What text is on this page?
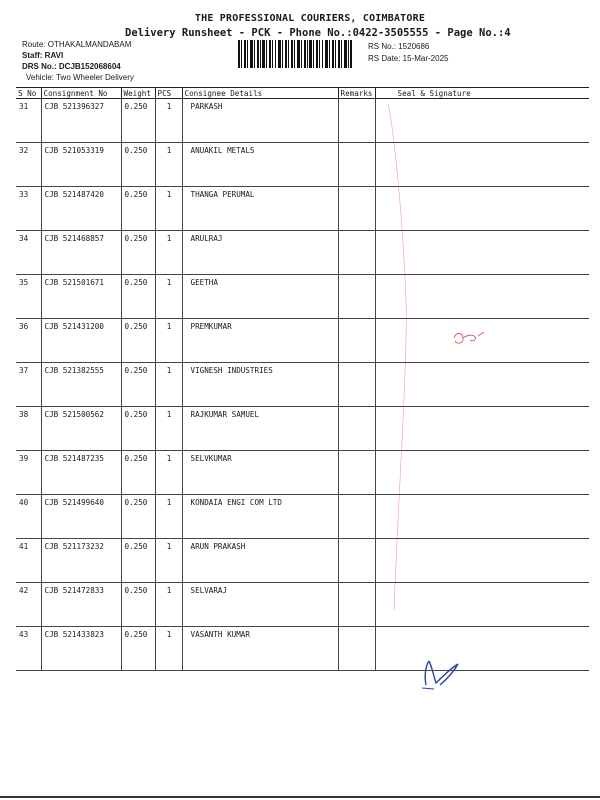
THE PROFESSIONAL COURIERS, COIMBATORE
Delivery Runsheet - PCK - Phone No.:0422-3505555 - Page No.:4
Route: OTHAKALMANDABAM
Staff: RAVI
DRS No.: DCJB152068604
Vehicle: Two Wheeler Delivery
RS No.: 1520686
RS Date: 15-Mar-2025
S No	Consignment No	Weight	PCS	Consignee Details	Remarks	Seal & Signature
31	CJB 521396327	0.250	1	PARKASH		
32	CJB 521053319	0.250	1	ANUAKIL METALS		
33	CJB 521487420	0.250	1	THANGA PERUMAL		
34	CJB 521468857	0.250	1	ARULRAJ		
35	CJB 521501671	0.250	1	GEETHA		
36	CJB 521431200	0.250	1	PREMKUMAR		
37	CJB 521382555	0.250	1	VIGNESH INDUSTRIES		
38	CJB 521500562	0.250	1	RAJKUMAR SAMUEL		
39	CJB 521487235	0.250	1	SELVKUMAR		
40	CJB 521499640	0.250	1	KONDAIA ENGI COM LTD		
41	CJB 521173232	0.250	1	ARUN PRAKASH		
42	CJB 521472833	0.250	1	SELVARAJ		
43	CJB 521433823	0.250	1	VASANTH KUMAR		
